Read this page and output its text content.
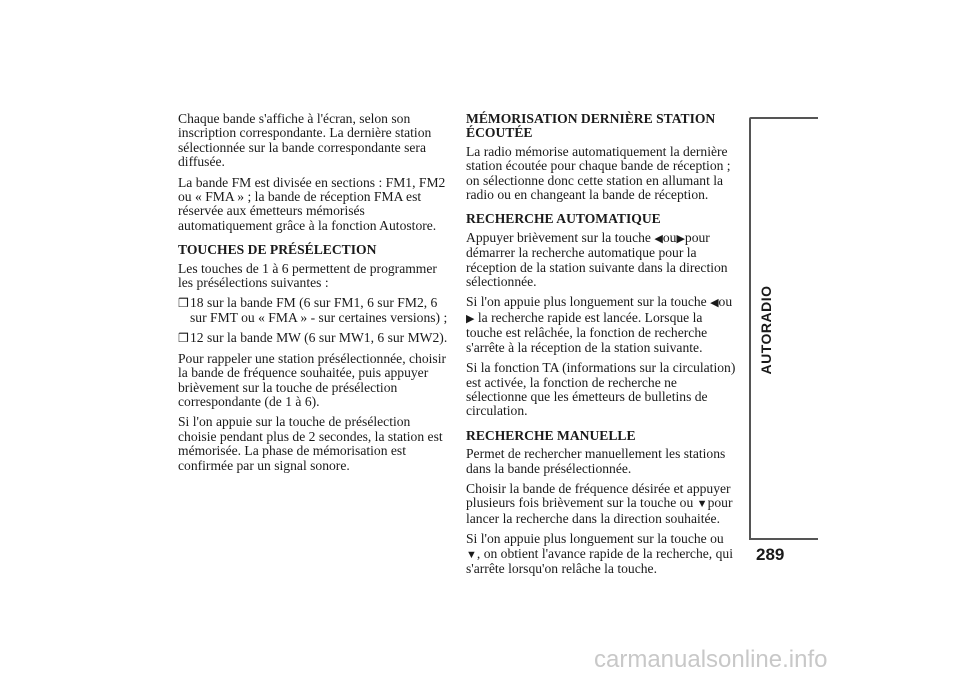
Chaque bande s'affiche à l'écran, selon son inscription correspondante. La dernière station sélectionnée sur la bande correspondante sera diffusée.

La bande FM est divisée en sections : FM1, FM2 ou « FMA » ; la bande de réception FMA est réservée aux émetteurs mémorisés automatiquement grâce à la fonction Autostore.

TOUCHES DE PRÉSÉLECTION

Les touches de 1 à 6 permettent de programmer les présélections suivantes :

❒ 18 sur la bande FM (6 sur FM1, 6 sur FM2, 6 sur FMT ou « FMA » - sur certaines versions) ;
❒ 12 sur la bande MW (6 sur MW1, 6 sur MW2).

Pour rappeler une station présélectionnée, choisir la bande de fréquence souhaitée, puis appuyer brièvement sur la touche de présélection correspondante (de 1 à 6).

Si l'on appuie sur la touche de présélection choisie pendant plus de 2 secondes, la station est mémorisée. La phase de mémorisation est confirmée par un signal sonore.

MÉMORISATION DERNIÈRE STATION ÉCOUTÉE

La radio mémorise automatiquement la dernière station écoutée pour chaque bande de réception ; on sélectionne donc cette station en allumant la radio ou en changeant la bande de réception.

RECHERCHE AUTOMATIQUE

Appuyer brièvement sur la touche ◀ou▶pour démarrer la recherche automatique pour la réception de la station suivante dans la direction sélectionnée.

Si l'on appuie plus longuement sur la touche ◀ou ▶ la recherche rapide est lancée. Lorsque la touche est relâchée, la fonction de recherche s'arrête à la réception de la station suivante.

Si la fonction TA (informations sur la circulation) est activée, la fonction de recherche ne sélectionne que les émetteurs de bulletins de circulation.

RECHERCHE MANUELLE

Permet de rechercher manuellement les stations dans la bande présélectionnée.

Choisir la bande de fréquence désirée et appuyer plusieurs fois brièvement sur la touche ou ▼pour lancer la recherche dans la direction souhaitée.

Si l'on appuie plus longuement sur la touche ou ▼, on obtient l'avance rapide de la recherche, qui s'arrête lorsqu'on relâche la touche.

AUTORADIO
289
carmanualsonline.info
